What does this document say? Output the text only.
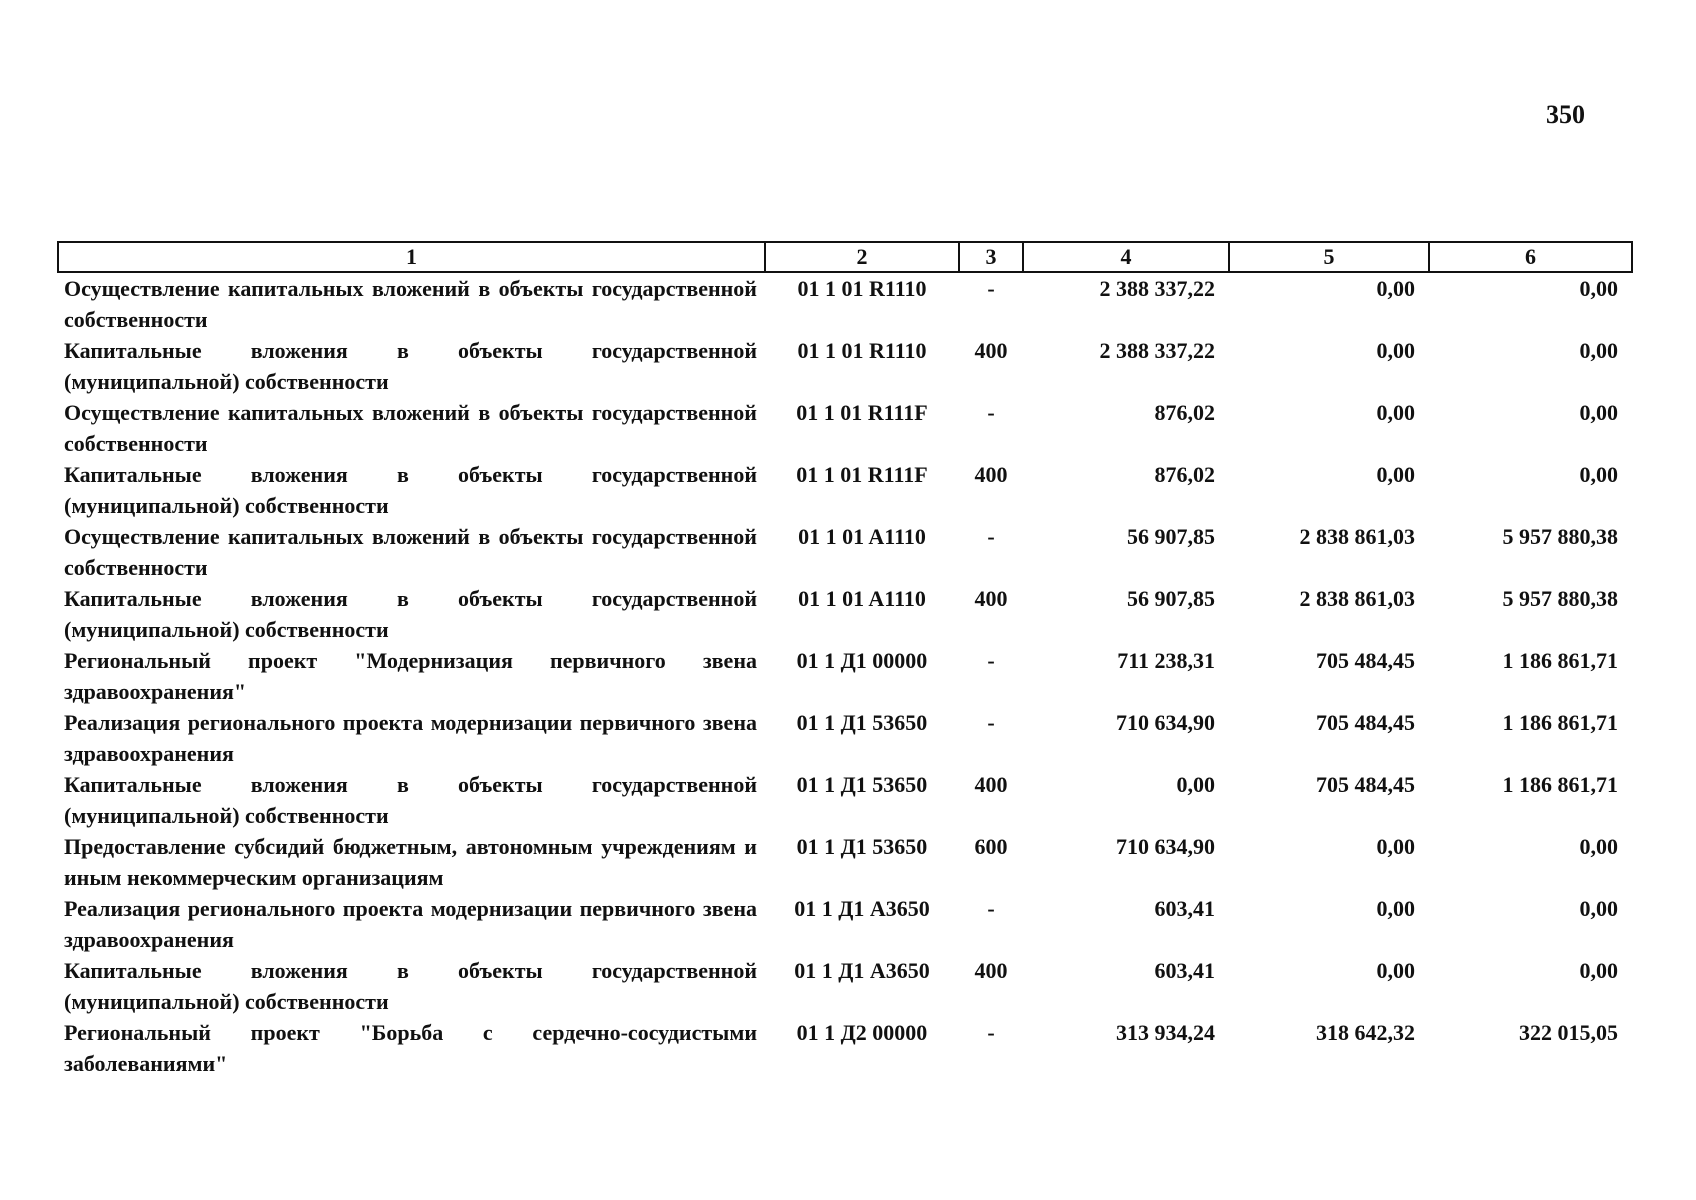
350
1	2	3	4	5	6
Осуществление капитальных вложений в объекты государственной собственности	01 1 01 R1110	-	2 388 337,22	0,00	0,00
Капитальные вложения в объекты государственной (муниципальной) собственности	01 1 01 R1110	400	2 388 337,22	0,00	0,00
Осуществление капитальных вложений в объекты государственной собственности	01 1 01 R111F	-	876,02	0,00	0,00
Капитальные вложения в объекты государственной (муниципальной) собственности	01 1 01 R111F	400	876,02	0,00	0,00
Осуществление капитальных вложений в объекты государственной собственности	01 1 01 A1110	-	56 907,85	2 838 861,03	5 957 880,38
Капитальные вложения в объекты государственной (муниципальной) собственности	01 1 01 A1110	400	56 907,85	2 838 861,03	5 957 880,38
Региональный проект "Модернизация первичного звена здравоохранения"	01 1 Д1 00000	-	711 238,31	705 484,45	1 186 861,71
Реализация регионального проекта модернизации первичного звена здравоохранения	01 1 Д1 53650	-	710 634,90	705 484,45	1 186 861,71
Капитальные вложения в объекты государственной (муниципальной) собственности	01 1 Д1 53650	400	0,00	705 484,45	1 186 861,71
Предоставление субсидий бюджетным, автономным учреждениям и иным некоммерческим организациям	01 1 Д1 53650	600	710 634,90	0,00	0,00
Реализация регионального проекта модернизации первичного звена здравоохранения	01 1 Д1 A3650	-	603,41	0,00	0,00
Капитальные вложения в объекты государственной (муниципальной) собственности	01 1 Д1 A3650	400	603,41	0,00	0,00
Региональный проект "Борьба с сердечно-сосудистыми заболеваниями"	01 1 Д2 00000	-	313 934,24	318 642,32	322 015,05
